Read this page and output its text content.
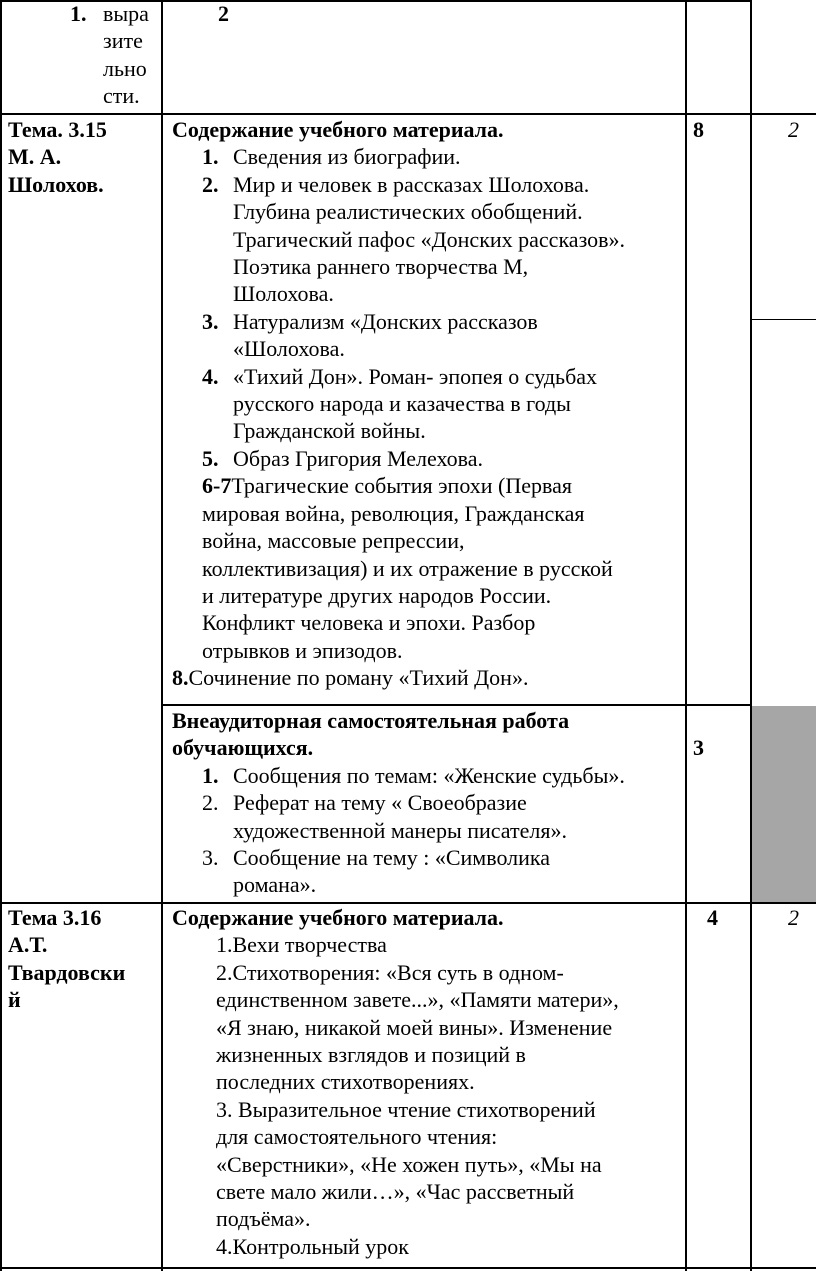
1. выра
зите
льно
сти.
2
Тема. 3.15
М. А.
Шолохов.
Содержание учебного материала.
1. Сведения из биографии.
2. Мир и человек в рассказах Шолохова.
Глубина реалистических обобщений.
Трагический пафос «Донских рассказов».
Поэтика раннего творчества М,
Шолохова.
3. Натурализм «Донских рассказов
«Шолохова.
4. «Тихий Дон». Роман- эпопея о судьбах
русского народа и казачества в годы
Гражданской войны.
5. Образ Григория Мелехова.
6-7Трагические события эпохи (Первая
мировая война, революция, Гражданская
война, массовые репрессии,
коллективизация) и их отражение в русской
и литературе других народов России.
Конфликт человека и эпохи. Разбор
отрывков и эпизодов.
8.Сочинение по роману «Тихий Дон».
8	2
Внеаудиторная самостоятельная работа
обучающихся.
1. Сообщения по темам: «Женские судьбы».
2. Реферат на тему « Своеобразие
художественной манеры писателя».
3. Сообщение на тему : «Символика
романа».
3
Тема 3.16
А.Т.
Твардовски
й
Содержание учебного материала.
1.Вехи творчества
2.Стихотворения: «Вся суть в одном-
единственном завете...», «Памяти матери»,
«Я знаю, никакой моей вины». Изменение
жизненных взглядов и позиций в
последних стихотворениях.
3. Выразительное чтение стихотворений
для самостоятельного чтения:
«Сверстники», «Не хожен путь», «Мы на
свете мало жили…», «Час рассветный
подъёма».
4.Контрольный урок
4	2
